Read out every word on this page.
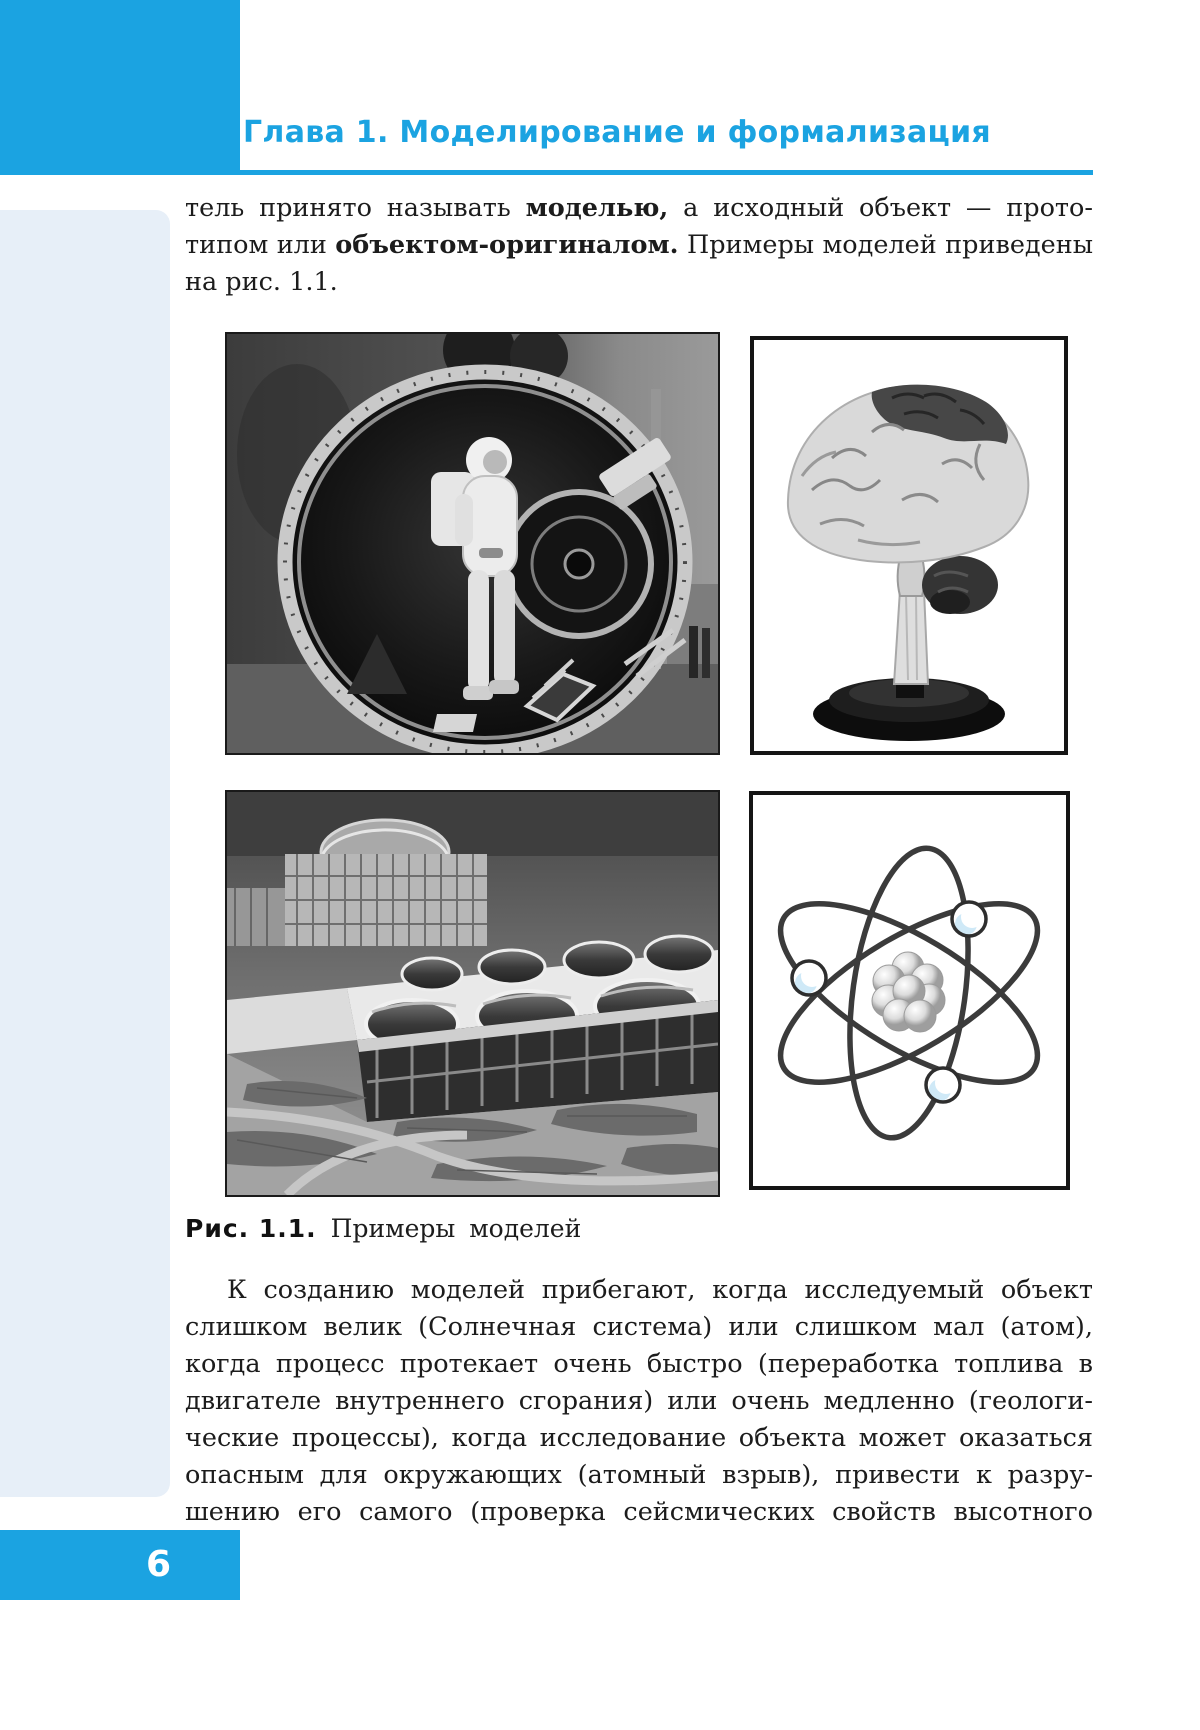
Глава 1. Моделирование и формализация
тель принято называть моделью, а исходный объект — прото-
типом или объектом-оригиналом. Примеры моделей приведены
на рис. 1.1.
Рис. 1.1. Примеры моделей
К созданию моделей прибегают, когда исследуемый объект
слишком велик (Солнечная система) или слишком мал (атом),
когда процесс протекает очень быстро (переработка топлива в
двигателе внутреннего сгорания) или очень медленно (геологи-
ческие процессы), когда исследование объекта может оказаться
опасным для окружающих (атомный взрыв), привести к разру-
шению его самого (проверка сейсмических свойств высотного
6
